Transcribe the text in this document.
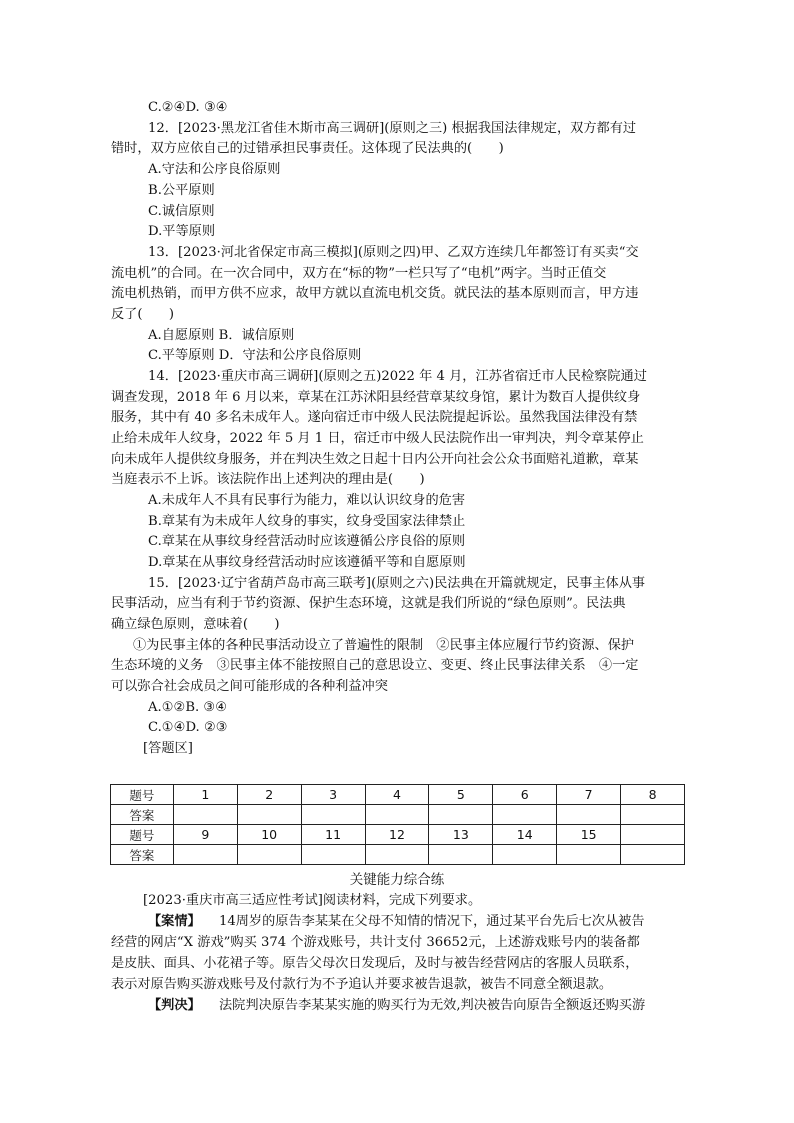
C.②④D. ③④
12．[2023·黑龙江省佳木斯市高三调研](原则之三) 根据我国法律规定，双方都有过
错时，双方应依自己的过错承担民事责任。这体现了民法典的(　　)
A.守法和公序良俗原则
B.公平原则
C.诚信原则
D.平等原则
13．[2023·河北省保定市高三模拟](原则之四)甲、乙双方连续几年都签订有买卖“交
流电机”的合同。在一次合同中，双方在“标的物”一栏只写了“电机”两字。当时正值交
流电机热销，而甲方供不应求，故甲方就以直流电机交货。就民法的基本原则而言，甲方违
反了(　　)
A.自愿原则 B．诚信原则
C.平等原则 D．守法和公序良俗原则
14．[2023·重庆市高三调研](原则之五)2022 年 4 月，江苏省宿迁市人民检察院通过
调查发现，2018 年 6 月以来，章某在江苏沭阳县经营章某纹身馆，累计为数百人提供纹身
服务，其中有 40 多名未成年人。遂向宿迁市中级人民法院提起诉讼。虽然我国法律没有禁
止给未成年人纹身，2022 年 5 月 1 日，宿迁市中级人民法院作出一审判决，判令章某停止
向未成年人提供纹身服务，并在判决生效之日起十日内公开向社会公众书面赔礼道歉，章某
当庭表示不上诉。该法院作出上述判决的理由是(　　)
A.未成年人不具有民事行为能力，难以认识纹身的危害
B.章某有为未成年人纹身的事实，纹身受国家法律禁止
C.章某在从事纹身经营活动时应该遵循公序良俗的原则
D.章某在从事纹身经营活动时应该遵循平等和自愿原则
15．[2023·辽宁省葫芦岛市高三联考](原则之六)民法典在开篇就规定，民事主体从事
民事活动，应当有利于节约资源、保护生态环境，这就是我们所说的“绿色原则”。民法典
确立绿色原则，意味着(　　)
①为民事主体的各种民事活动设立了普遍性的限制　②民事主体应履行节约资源、保护
生态环境的义务　③民事主体不能按照自己的意思设立、变更、终止民事法律关系　④一定
可以弥合社会成员之间可能形成的各种利益冲突
A.①②B. ③④
C.①④D. ②③
[答题区]
题号	1	2	3	4	5	6	7	8
答案								
题号	9	10	11	12	13	14	15	
答案								
关键能力综合练
[2023·重庆市高三适应性考试]阅读材料，完成下列要求。
【案情】 14周岁的原告李某某在父母不知情的情况下，通过某平台先后七次从被告
经营的网店“X 游戏”购买 374 个游戏账号，共计支付 36652元，上述游戏账号内的装备都
是皮肤、面具、小花裙子等。原告父母次日发现后，及时与被告经营网店的客服人员联系，
表示对原告购买游戏账号及付款行为不予追认并要求被告退款，被告不同意全额退款。
【判决】 法院判决原告李某某实施的购买行为无效,判决被告向原告全额返还购买游
